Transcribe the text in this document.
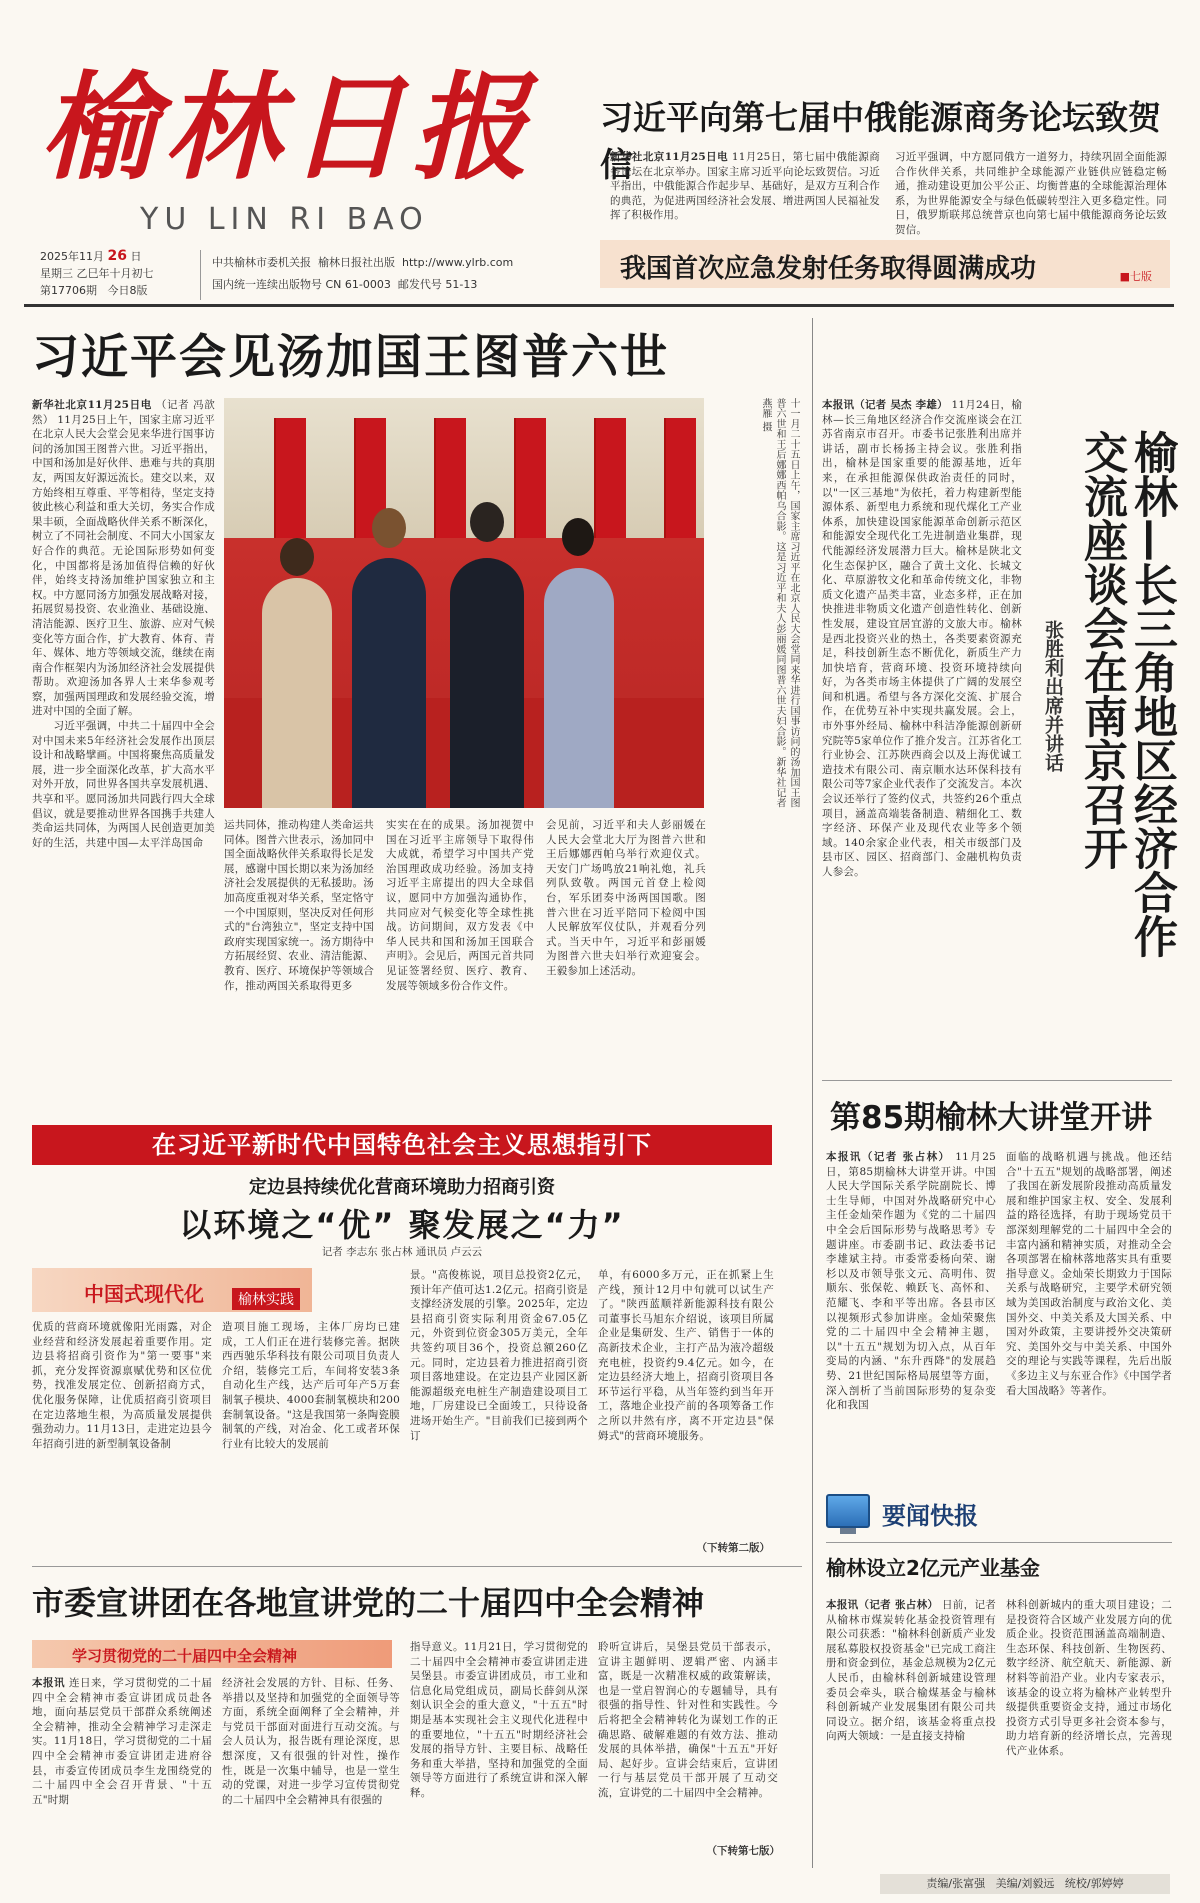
榆林日报
YU LIN RI BAO
2025年11月 26 日
星期三 乙巳年十月初七
第17706期 今日8版
中共榆林市委机关报 榆林日报社出版 http://www.ylrb.com
国内统一连续出版物号 CN 61-0003 邮发代号 51-13
习近平向第七届中俄能源商务论坛致贺信
新华社北京11月25日电 11月25日，第七届中俄能源商务论坛在北京举办。国家主席习近平向论坛致贺信。习近平指出，中俄能源合作起步早、基础好，是双方互利合作的典范，为促进两国经济社会发展、增进两国人民福祉发挥了积极作用。
习近平强调，中方愿同俄方一道努力，持续巩固全面能源合作伙伴关系，共同维护全球能源产业链供应链稳定畅通，推动建设更加公平公正、均衡普惠的全球能源治理体系，为世界能源安全与绿色低碳转型注入更多稳定性。同日，俄罗斯联邦总统普京也向第七届中俄能源商务论坛致贺信。
我国首次应急发射任务取得圆满成功	■七版
习近平会见汤加国王图普六世
新华社北京11月25日电 （记者 冯歆然） 11月25日上午，国家主席习近平在北京人民大会堂会见来华进行国事访问的汤加国王图普六世。习近平指出，中国和汤加是好伙伴、患难与共的真朋友，两国友好源远流长。建交以来，双方始终相互尊重、平等相待，坚定支持彼此核心利益和重大关切，务实合作成果丰硕，全面战略伙伴关系不断深化，树立了不同社会制度、不同大小国家友好合作的典范。无论国际形势如何变化，中国都将是汤加值得信赖的好伙伴，始终支持汤加维护国家独立和主权。中方愿同汤方加强发展战略对接，拓展贸易投资、农业渔业、基础设施、清洁能源、医疗卫生、旅游、应对气候变化等方面合作，扩大教育、体育、青年、媒体、地方等领域交流，继续在南南合作框架内为汤加经济社会发展提供帮助。欢迎汤加各界人士来华参观考察，加强两国理政和发展经验交流，增进对中国的全面了解。
　　习近平强调，中共二十届四中全会对中国未来5年经济社会发展作出顶层设计和战略擘画。中国将聚焦高质量发展，进一步全面深化改革，扩大高水平对外开放，同世界各国共享发展机遇、共享和平。愿同汤加共同践行四大全球倡议，就是要推动世界各国携手共建人类命运共同体，为两国人民创造更加美好的生活，共建中国—太平洋岛国命
十一月二十五日上午，国家主席习近平在北京人民大会堂同来华进行国事访问的汤加国王图普六世和王后娜娜西帕乌合影。这是习近平和夫人彭丽媛同图普六世夫妇合影。新华社记者 燕雁 摄
运共同体，推动构建人类命运共同体。图普六世表示，汤加同中国全面战略伙伴关系取得长足发展，感谢中国长期以来为汤加经济社会发展提供的无私援助。汤加高度重视对华关系，坚定恪守一个中国原则，坚决反对任何形式的"台湾独立"，坚定支持中国政府实现国家统一。汤方期待中方拓展经贸、农业、清洁能源、教育、医疗、环境保护等领域合作，推动两国关系取得更多
实实在在的成果。汤加视贺中国在习近平主席领导下取得伟大成就，希望学习中国共产党治国理政成功经验。汤加支持习近平主席提出的四大全球倡议，愿同中方加强沟通协作，共同应对气候变化等全球性挑战。访问期间，双方发表《中华人民共和国和汤加王国联合声明》。会见后，两国元首共同见证签署经贸、医疗、教育、发展等领域多份合作文件。
会见前，习近平和夫人彭丽媛在人民大会堂北大厅为图普六世和王后娜娜西帕乌举行欢迎仪式。天安门广场鸣放21响礼炮，礼兵列队致敬。两国元首登上检阅台，军乐团奏中汤两国国歌。图普六世在习近平陪同下检阅中国人民解放军仪仗队，并观看分列式。当天中午，习近平和彭丽媛为图普六世夫妇举行欢迎宴会。王毅参加上述活动。
本报讯（记者 吴杰 李雄） 11月24日，榆林—长三角地区经济合作交流座谈会在江苏省南京市召开。市委书记张胜利出席并讲话，副市长杨扬主持会议。张胜利指出，榆林是国家重要的能源基地，近年来，在承担能源保供政治责任的同时，以"一区三基地"为依托，着力构建新型能源体系、新型电力系统和现代煤化工产业体系，加快建设国家能源革命创新示范区和能源安全现代化工先进制造业集群，现代能源经济发展潜力巨大。榆林是陕北文化生态保护区，融合了黄土文化、长城文化、草原游牧文化和革命传统文化，非物质文化遗产品类丰富，业态多样，正在加快推进非物质文化遗产创造性转化、创新性发展，建设宜居宜游的文旅大市。榆林是西北投资兴业的热土，各类要素资源充足，科技创新生态不断优化，新质生产力加快培育，营商环境、投资环境持续向好，为各类市场主体提供了广阔的发展空间和机遇。希望与各方深化交流、扩展合作，在优势互补中实现共赢发展。会上，市外事外经局、榆林中科洁净能源创新研究院等5家单位作了推介发言。江苏省化工行业协会、江苏陕西商会以及上海优诚工造技术有限公司、南京顺水达环保科技有限公司等7家企业代表作了交流发言。本次会议还举行了签约仪式，共签约26个重点项目，涵盖高端装备制造、精细化工、数字经济、环保产业及现代农业等多个领域。140余家企业代表，相关市级部门及县市区、园区、招商部门、金融机构负责人参会。	榆林—长三角地区经济合作交流座谈会在南京召开
张胜利出席并讲话
第85期榆林大讲堂开讲
本报讯（记者 张占林） 11月25日，第85期榆林大讲堂开讲。中国人民大学国际关系学院副院长、博士生导师，中国对外战略研究中心主任金灿荣作题为《党的二十届四中全会后国际形势与战略思考》专题讲座。市委副书记、政法委书记李雄斌主持。市委常委杨向荣、谢杉以及市领导张文元、高明伟、贺顺东、张保乾、赖跃飞、高怀和、范耀飞、李和平等出席。各县市区以视频形式参加讲座。金灿荣聚焦党的二十届四中全会精神主题，以"十五五"规划为切入点，从百年变局的内涵、"东升西降"的发展趋势、21世纪国际格局展望等方面，深入剖析了当前国际形势的复杂变化和我国
面临的战略机遇与挑战。他还结合"十五五"规划的战略部署，阐述了我国在新发展阶段推动高质量发展和维护国家主权、安全、发展利益的路径选择，有助于现场党员干部深刻理解党的二十届四中全会的丰富内涵和精神实质，对推动全会各项部署在榆林落地落实具有重要指导意义。金灿荣长期致力于国际关系与战略研究，主要学术研究领域为美国政治制度与政治文化、美国外交、中美关系及大国关系、中国对外政策，主要讲授外交决策研究、美国外交与中美关系、中国外交的理论与实践等课程，先后出版《多边主义与东亚合作》《中国学者看大国战略》等著作。
要闻快报
榆林设立2亿元产业基金
本报讯（记者 张占林） 日前，记者从榆林市煤炭转化基金投资管理有限公司获悉："榆林科创新质产业发展私募股权投资基金"已完成工商注册和资金到位，基金总规模为2亿元人民币，由榆林科创新城建设管理委员会牵头，联合榆煤基金与榆林科创新城产业发展集团有限公司共同设立。据介绍，该基金将重点投向两大领域：一是直接支持榆
林科创新城内的重大项目建设；二是投资符合区域产业发展方向的优质企业。投资范围涵盖高端制造、生态环保、科技创新、生物医药、数字经济、航空航天、新能源、新材料等前沿产业。业内专家表示，该基金的设立将为榆林产业转型升级提供重要资金支持，通过市场化投资方式引导更多社会资本参与，助力培育新的经济增长点，完善现代产业体系。
在习近平新时代中国特色社会主义思想指引下
定边县持续优化营商环境助力招商引资
以环境之“优” 聚发展之“力”
记者 李志东 张占林 通讯员 卢云云
中国式现代化	榆林实践
优质的营商环境就像阳光雨露，对企业经营和经济发展起着重要作用。定边县将招商引资作为"第一要事"来抓，充分发挥资源禀赋优势和区位优势，找准发展定位、创新招商方式，优化服务保障，让优质招商引资项目在定边落地生根，为高质量发展提供强劲动力。11月13日，走进定边县今年招商引进的新型制氧设备制
造项目施工现场，主体厂房均已建成，工人们正在进行装修完善。据陕西西驰乐华科技有限公司项目负责人介绍，装修完工后，车间将安装3条自动化生产线，达产后可年产5万套制氧子模块、4000套制氧模块和200套制氧设备。"这是我国第一条陶瓷膜制氧的产线，对冶金、化工或者环保行业有比较大的发展前
景。"高俊栋说，项目总投资2亿元，预计年产值可达1.2亿元。招商引资是支撑经济发展的引擎。2025年，定边县招商引资实际利用资金67.05亿元，外资到位资金305万美元，全年共签约项目36个，投资总额260亿元。同时，定边县着力推进招商引资项目落地建设。在定边县产业园区新能源超级充电桩生产制造建设项目工地，厂房建设已全面竣工，只待设备进场开始生产。"目前我们已接到两个订
单，有6000多万元，正在抓紧上生产线，预计12月中旬就可以试生产了。"陕西蓝顺祥新能源科技有限公司董事长马旭东介绍说，该项目所属企业是集研发、生产、销售于一体的高新技术企业，主打产品为液冷超级充电桩，投资约9.4亿元。如今，在定边县经济大地上，招商引资项目各环节运行平稳，从当年签约到当年开工，落地企业投产前的各项筹备工作之所以井然有序，离不开定边县"保姆式"的营商环境服务。
（下转第二版）
市委宣讲团在各地宣讲党的二十届四中全会精神
学习贯彻党的二十届四中全会精神
本报讯 连日来，学习贯彻党的二十届四中全会精神市委宣讲团成员赴各地，面向基层党员干部群众系统阐述全会精神，推动全会精神学习走深走实。11月18日，学习贯彻党的二十届四中全会精神市委宣讲团走进府谷县，市委宣传团成员李生龙围绕党的二十届四中全会召开背景、"十五五"时期
经济社会发展的方针、目标、任务、举措以及坚持和加强党的全面领导等方面，系统全面阐释了全会精神，并与党员干部面对面进行互动交流。与会人员认为，报告既有理论深度，思想深度，又有很强的针对性，操作性，既是一次集中辅导，也是一堂生动的党课，对进一步学习宣传贯彻党的二十届四中全会精神具有很强的
指导意义。11月21日，学习贯彻党的二十届四中全会精神市委宣讲团走进吴堡县。市委宣讲团成员，市工业和信息化局党组成员，副局长薛剑从深刻认识全会的重大意义，"十五五"时期是基本实现社会主义现代化进程中的重要地位，"十五五"时期经济社会发展的指导方针、主要目标、战略任务和重大举措，坚持和加强党的全面领导等方面进行了系统宣讲和深入解释。
聆听宣讲后，吴堡县党员干部表示，宣讲主题鲜明、逻辑严密、内涵丰富，既是一次精准权威的政策解读，也是一堂启智润心的专题辅导，具有很强的指导性、针对性和实践性。今后将把全会精神转化为谋划工作的正确思路、破解难题的有效方法、推动发展的具体举措，确保"十五五"开好局、起好步。宣讲会结束后，宣讲团一行与基层党员干部开展了互动交流，宣讲党的二十届四中全会精神。
（下转第七版）
责编/张富强 美编/刘毅远 统校/郭婷婷
